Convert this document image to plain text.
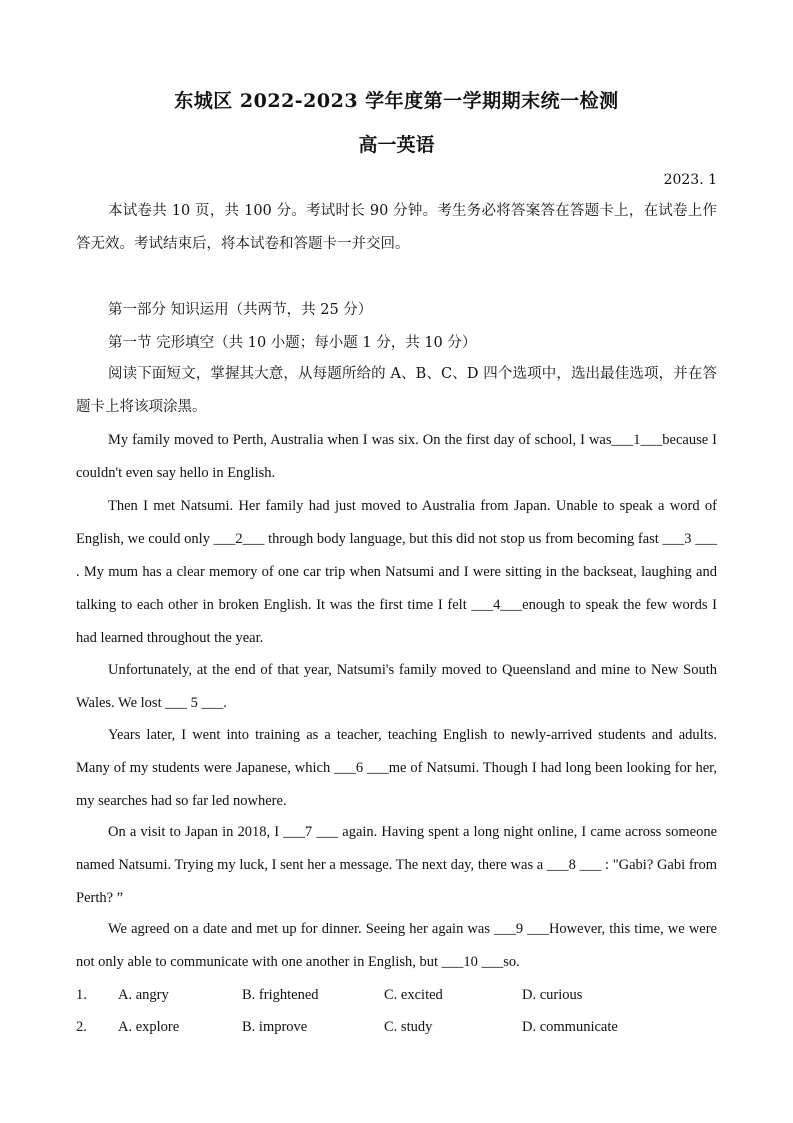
东城区 2022-2023 学年度第一学期期末统一检测
高一英语
2023. 1

本试卷共 10 页，共 100 分。考试时长 90 分钟。考生务必将答案答在答题卡上，在试卷上作答无效。考试结束后，将本试卷和答题卡一并交回。

第一部分 知识运用（共两节，共 25 分）
第一节 完形填空（共 10 小题；每小题 1 分，共 10 分）

阅读下面短文，掌握其大意，从每题所给的 A、B、C、D 四个选项中，选出最佳选项，并在答题卡上将该项涂黑。

My family moved to Perth, Australia when I was six. On the first day of school, I was___1___because I couldn't even say hello in English.

Then I met Natsumi. Her family had just moved to Australia from Japan. Unable to speak a word of English, we could only ___2___ through body language, but this did not stop us from becoming fast ___3 ___ . My mum has a clear memory of one car trip when Natsumi and I were sitting in the backseat, laughing and talking to each other in broken English. It was the first time I felt ___4___enough to speak the few words I had learned throughout the year.

Unfortunately, at the end of that year, Natsumi's family moved to Queensland and mine to New South Wales. We lost ___ 5 ___.

Years later, I went into training as a teacher, teaching English to newly-arrived students and adults. Many of my students were Japanese, which ___6 ___me of Natsumi. Though I had long been looking for her, my searches had so far led nowhere.

On a visit to Japan in 2018, I ___7 ___ again. Having spent a long night online, I came across someone named Natsumi. Trying my luck, I sent her a message. The next day, there was a ___8 ___ : "Gabi? Gabi from Perth? ”

We agreed on a date and met up for dinner. Seeing her again was ___9 ___However, this time, we were not only able to communicate with one another in English, but ___10 ___so.

1. A. angry	B. frightened	C. excited	D. curious
2. A. explore	B. improve	C. study	D. communicate
